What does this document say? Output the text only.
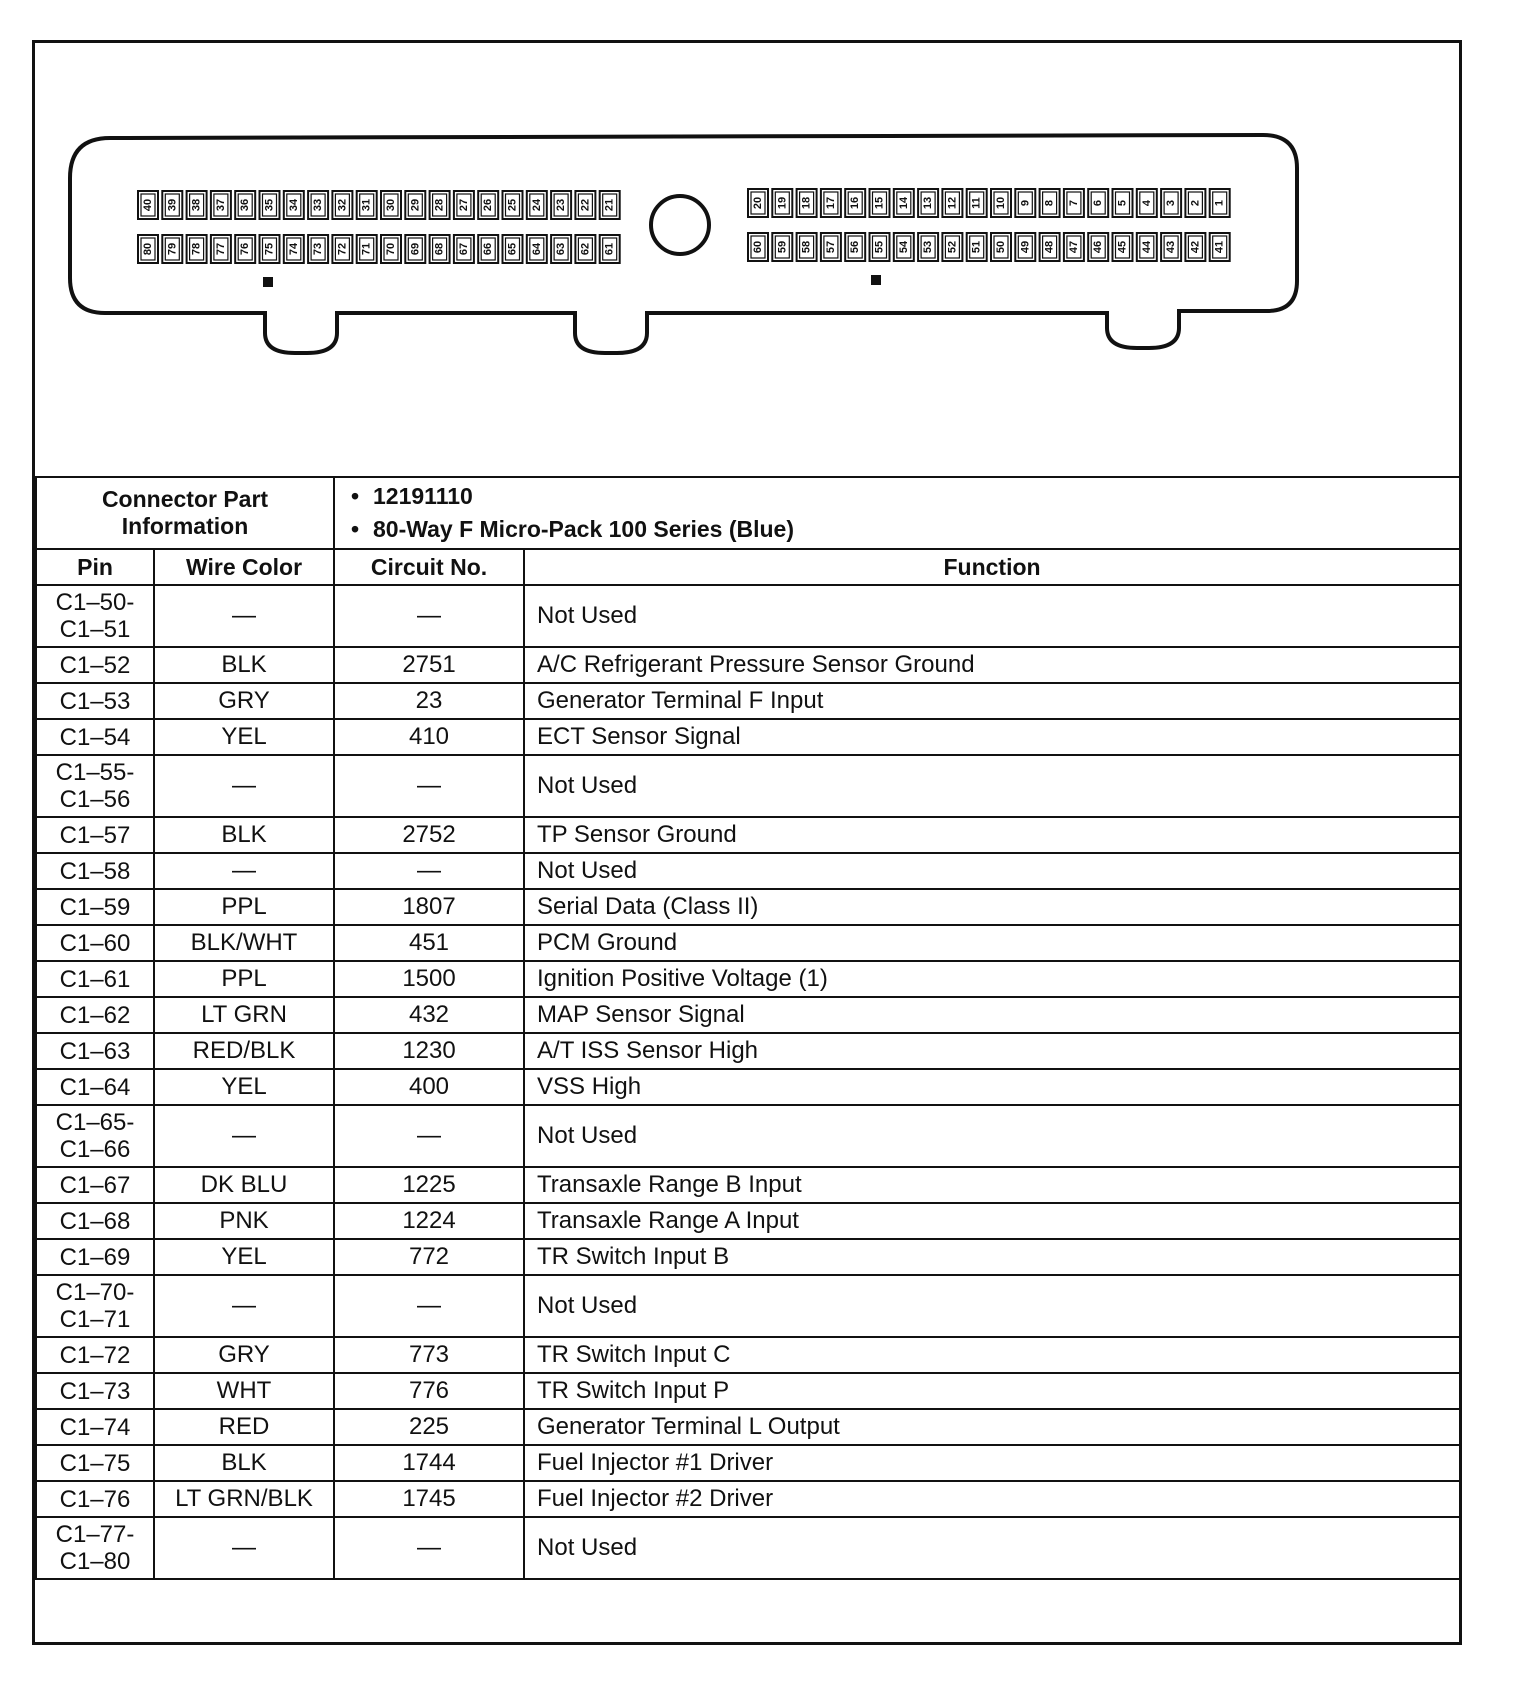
40 39 38 37 36 35 34 33 32 31 30 29 28 27 26 25 24 23 22 21
80 79 78 77 76 75 74 73 72 71 70 69 68 67 66 65 64 63 62 61
20 19 18 17 16 15 14 13 12 11 10 9 8 7 6 5 4 3 2 1
60 59 58 57 56 55 54 53 52 51 50 49 48 47 46 45 44 43 42 41
Connector Part Information		• 12191110
• 80-Way F Micro-Pack 100 Series (Blue)

Pin	Wire Color	Circuit No.	Function
C1–50- C1–51	—	—	Not Used
C1–52	BLK	2751	A/C Refrigerant Pressure Sensor Ground
C1–53	GRY	23	Generator Terminal F Input
C1–54	YEL	410	ECT Sensor Signal
C1–55- C1–56	—	—	Not Used
C1–57	BLK	2752	TP Sensor Ground
C1–58	—	—	Not Used
C1–59	PPL	1807	Serial Data (Class II)
C1–60	BLK/WHT	451	PCM Ground
C1–61	PPL	1500	Ignition Positive Voltage (1)
C1–62	LT GRN	432	MAP Sensor Signal
C1–63	RED/BLK	1230	A/T ISS Sensor High
C1–64	YEL	400	VSS High
C1–65- C1–66	—	—	Not Used
C1–67	DK BLU	1225	Transaxle Range B Input
C1–68	PNK	1224	Transaxle Range A Input
C1–69	YEL	772	TR Switch Input B
C1–70- C1–71	—	—	Not Used
C1–72	GRY	773	TR Switch Input C
C1–73	WHT	776	TR Switch Input P
C1–74	RED	225	Generator Terminal L Output
C1–75	BLK	1744	Fuel Injector #1 Driver
C1–76	LT GRN/BLK	1745	Fuel Injector #2 Driver
C1–77- C1–80	—	—	Not Used
